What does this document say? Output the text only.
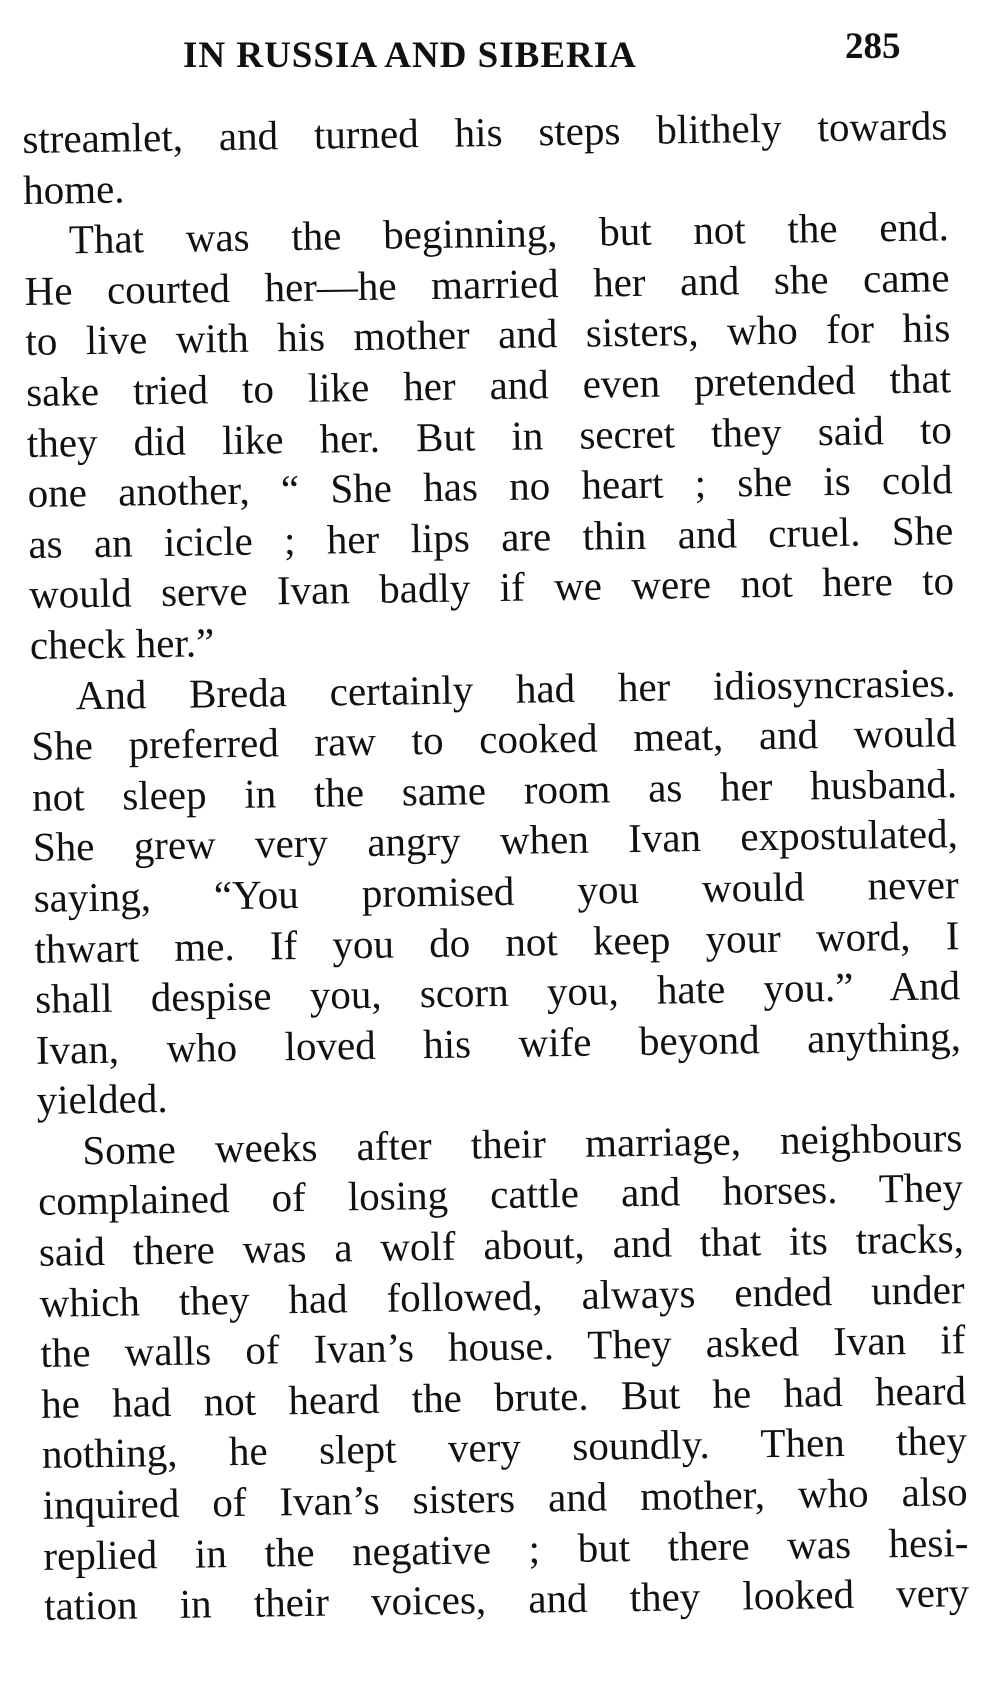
IN RUSSIA AND SIBERIA	285
streamlet, and turned his steps blithely towards
home.
That was the beginning, but not the end.
He courted her—he married her and she came
to live with his mother and sisters, who for his
sake tried to like her and even pretended that
they did like her. But in secret they said to
one another, “ She has no heart ; she is cold
as an icicle ; her lips are thin and cruel. She
would serve Ivan badly if we were not here to
check her.”
And Breda certainly had her idiosyncrasies.
She preferred raw to cooked meat, and would
not sleep in the same room as her husband.
She grew very angry when Ivan expostulated,
saying, “You promised you would never
thwart me. If you do not keep your word, I
shall despise you, scorn you, hate you.” And
Ivan, who loved his wife beyond anything,
yielded.
Some weeks after their marriage, neighbours
complained of losing cattle and horses. They
said there was a wolf about, and that its tracks,
which they had followed, always ended under
the walls of Ivan’s house. They asked Ivan if
he had not heard the brute. But he had heard
nothing, he slept very soundly. Then they
inquired of Ivan’s sisters and mother, who also
replied in the negative ; but there was hesi-
tation in their voices, and they looked very
